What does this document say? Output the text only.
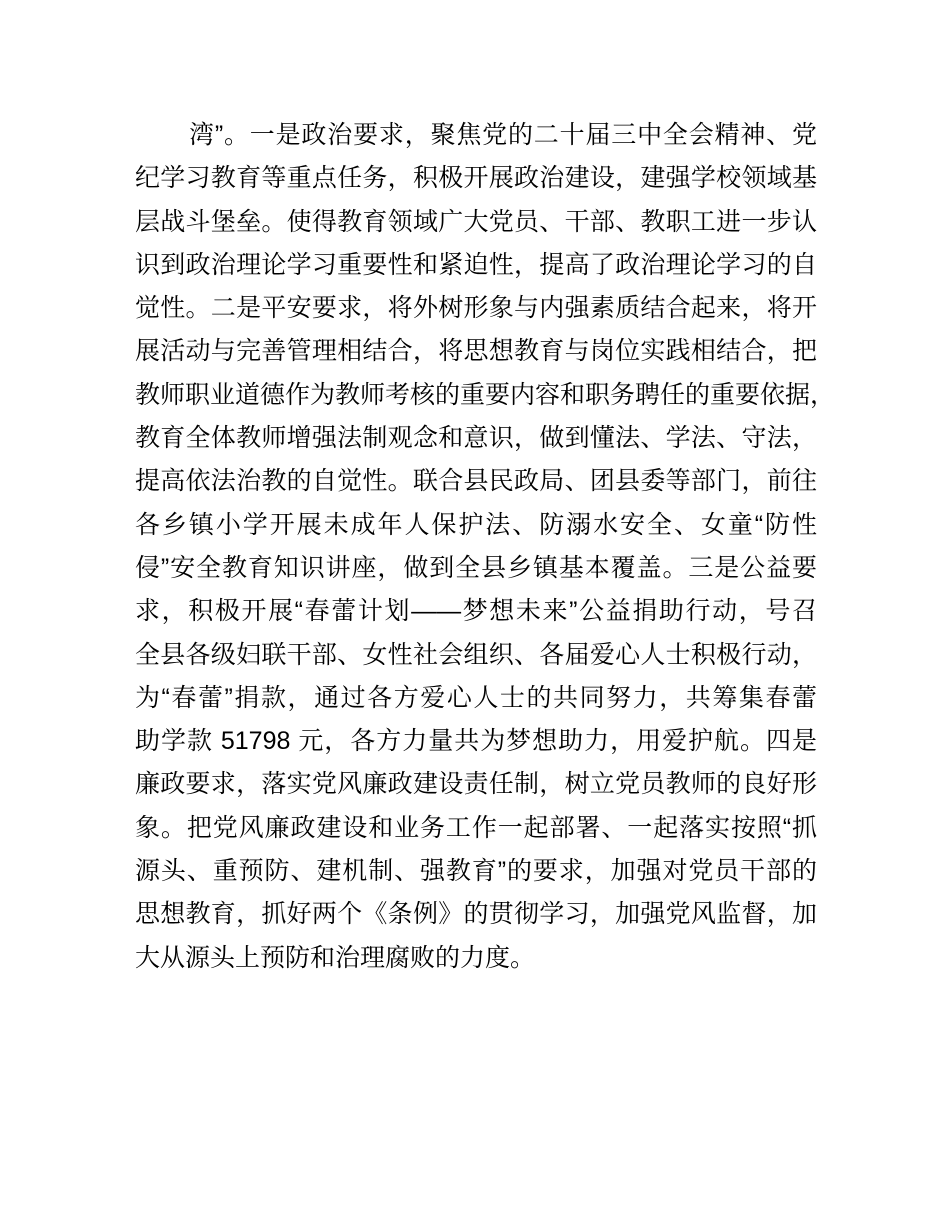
湾”。一是政治要求，聚焦党的二十届三中全会精神、党
纪学习教育等重点任务，积极开展政治建设，建强学校领域基
层战斗堡垒。使得教育领域广大党员、干部、教职工进一步认
识到政治理论学习重要性和紧迫性，提高了政治理论学习的自
觉性。二是平安要求，将外树形象与内强素质结合起来，将开
展活动与完善管理相结合，将思想教育与岗位实践相结合，把
教师职业道德作为教师考核的重要内容和职务聘任的重要依据，
教育全体教师增强法制观念和意识，做到懂法、学法、守法，
提高依法治教的自觉性。联合县民政局、团县委等部门，前往
各乡镇小学开展未成年人保护法、防溺水安全、女童“防性
侵”安全教育知识讲座，做到全县乡镇基本覆盖。三是公益要
求，积极开展“春蕾计划——梦想未来”公益捐助行动，号召
全县各级妇联干部、女性社会组织、各届爱心人士积极行动，
为“春蕾”捐款，通过各方爱心人士的共同努力，共筹集春蕾
助学款 51798 元，各方力量共为梦想助力，用爱护航。四是
廉政要求，落实党风廉政建设责任制，树立党员教师的良好形
象。把党风廉政建设和业务工作一起部署、一起落实按照“抓
源头、重预防、建机制、强教育”的要求，加强对党员干部的
思想教育，抓好两个《条例》的贯彻学习，加强党风监督，加
大从源头上预防和治理腐败的力度。
